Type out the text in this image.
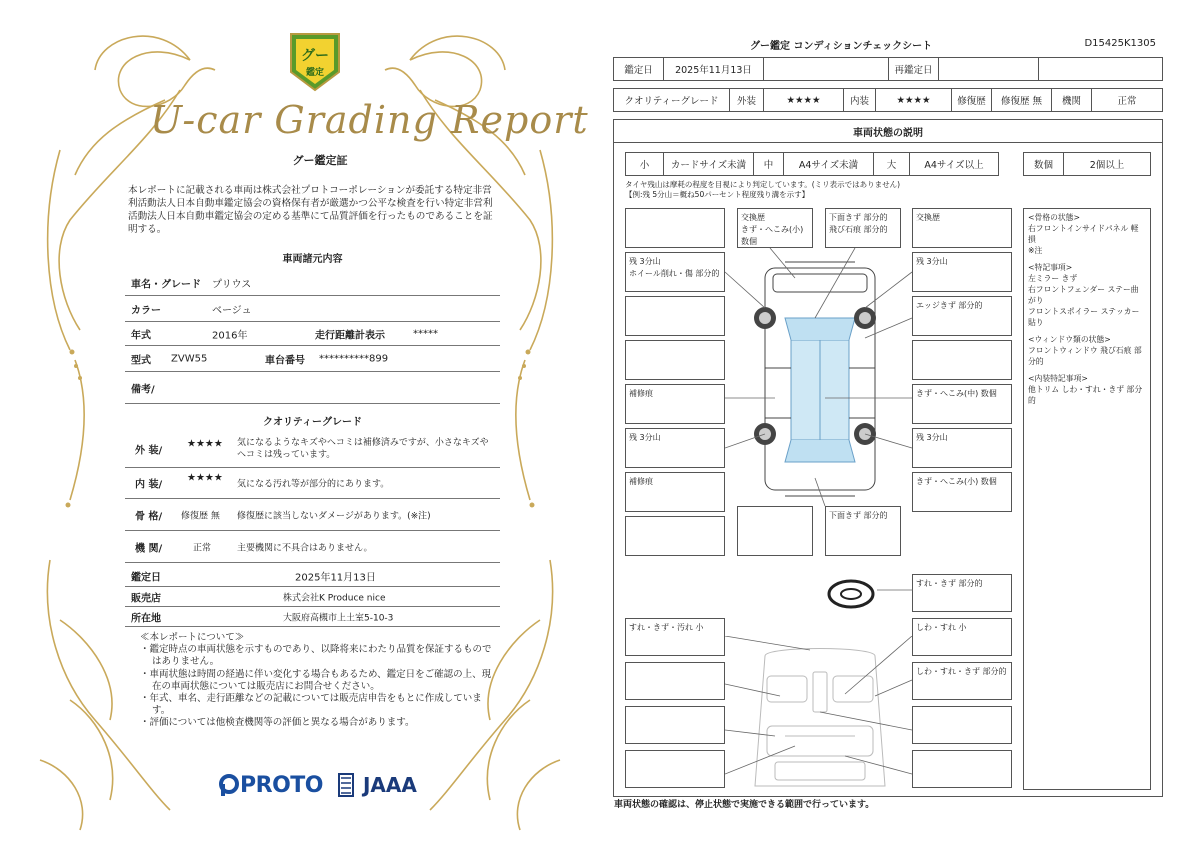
グー
鑑定
U-car Grading Report
グー鑑定証
本レポートに記載される車両は株式会社プロトコーポレーションが委託する特定非営利活動法人日本自動車鑑定協会の資格保有者が厳選かつ公平な検査を行い特定非営利活動法人日本自動車鑑定協会の定める基準にて品質評価を行ったものであることを証明する。
車両諸元内容
車名・グレード プリウス
カラー	ベージュ
年式	2016年	走行距離計表示	*****
型式 ZVW55	車台番号 **********899
備考/
クオリティーグレード
外 装/
★★★★ 気になるようなキズやヘコミは補修済みですが、小さなキズやヘコミは残っています。
内 装/
★★★★
気になる汚れ等が部分的にあります。
骨 格/ 修復歴 無 修復歴に該当しないダメージがあります。(※注)
機 関/	正常	主要機関に不具合はありません。
鑑定日	2025年11月13日
販売店	株式会社K Produce nice
所在地	大阪府高槻市上土室5-10-3
≪本レポートについて≫
・鑑定時点の車両状態を示すものであり、以降将来にわたり品質を保証するものではありません。
・車両状態は時間の経過に伴い変化する場合もあるため、鑑定日をご確認の上、現在の車両状態については販売店にお問合せください。
・年式、車名、走行距離などの記載については販売店申告をもとに作成しています。
・評価については他検査機関等の評価と異なる場合があります。
PROTO JAAA
グー鑑定 コンディションチェックシート	D15425K1305
鑑定日	2025年11月13日	再鑑定日
クオリティーグレード	外装	★★★★	内装	★★★★	修復歴	修復歴 無	機関	正常
車両状態の説明
小	カードサイズ未満	中	A4サイズ未満	大	A4サイズ以上	数個	2個以上
タイヤ残山は摩耗の程度を目視により判定しています。(ミリ表示ではありません)
【例:残 5分山＝概ね50パーセント程度残り溝を示す】
残 3分山
ホイール削れ・傷 部分的
補修痕
残 3分山
補修痕
交換歴
きず・へこみ(小) 数個
下面きず 部分的
飛び石痕 部分的
交換歴
残 3分山
エッジきず 部分的
きず・へこみ(中) 数個
残 3分山
きず・へこみ(小) 数個
下面きず 部分的
すれ・きず 部分的
すれ・きず・汚れ 小	しわ・すれ 小
しわ・すれ・きず 部分的

<骨格の状態>

右フロントインサイドパネル 軽損

※注

<特記事項>

左ミラー きず

右フロントフェンダー ステー曲がり

フロントスポイラー ステッカー貼り

<ウィンドウ類の状態>

フロントウィンドウ 飛び石痕 部分的

<内装特記事項>

他トリム しわ・すれ・きず 部分的

車両状態の確認は、停止状態で実施できる範囲で行っています。
